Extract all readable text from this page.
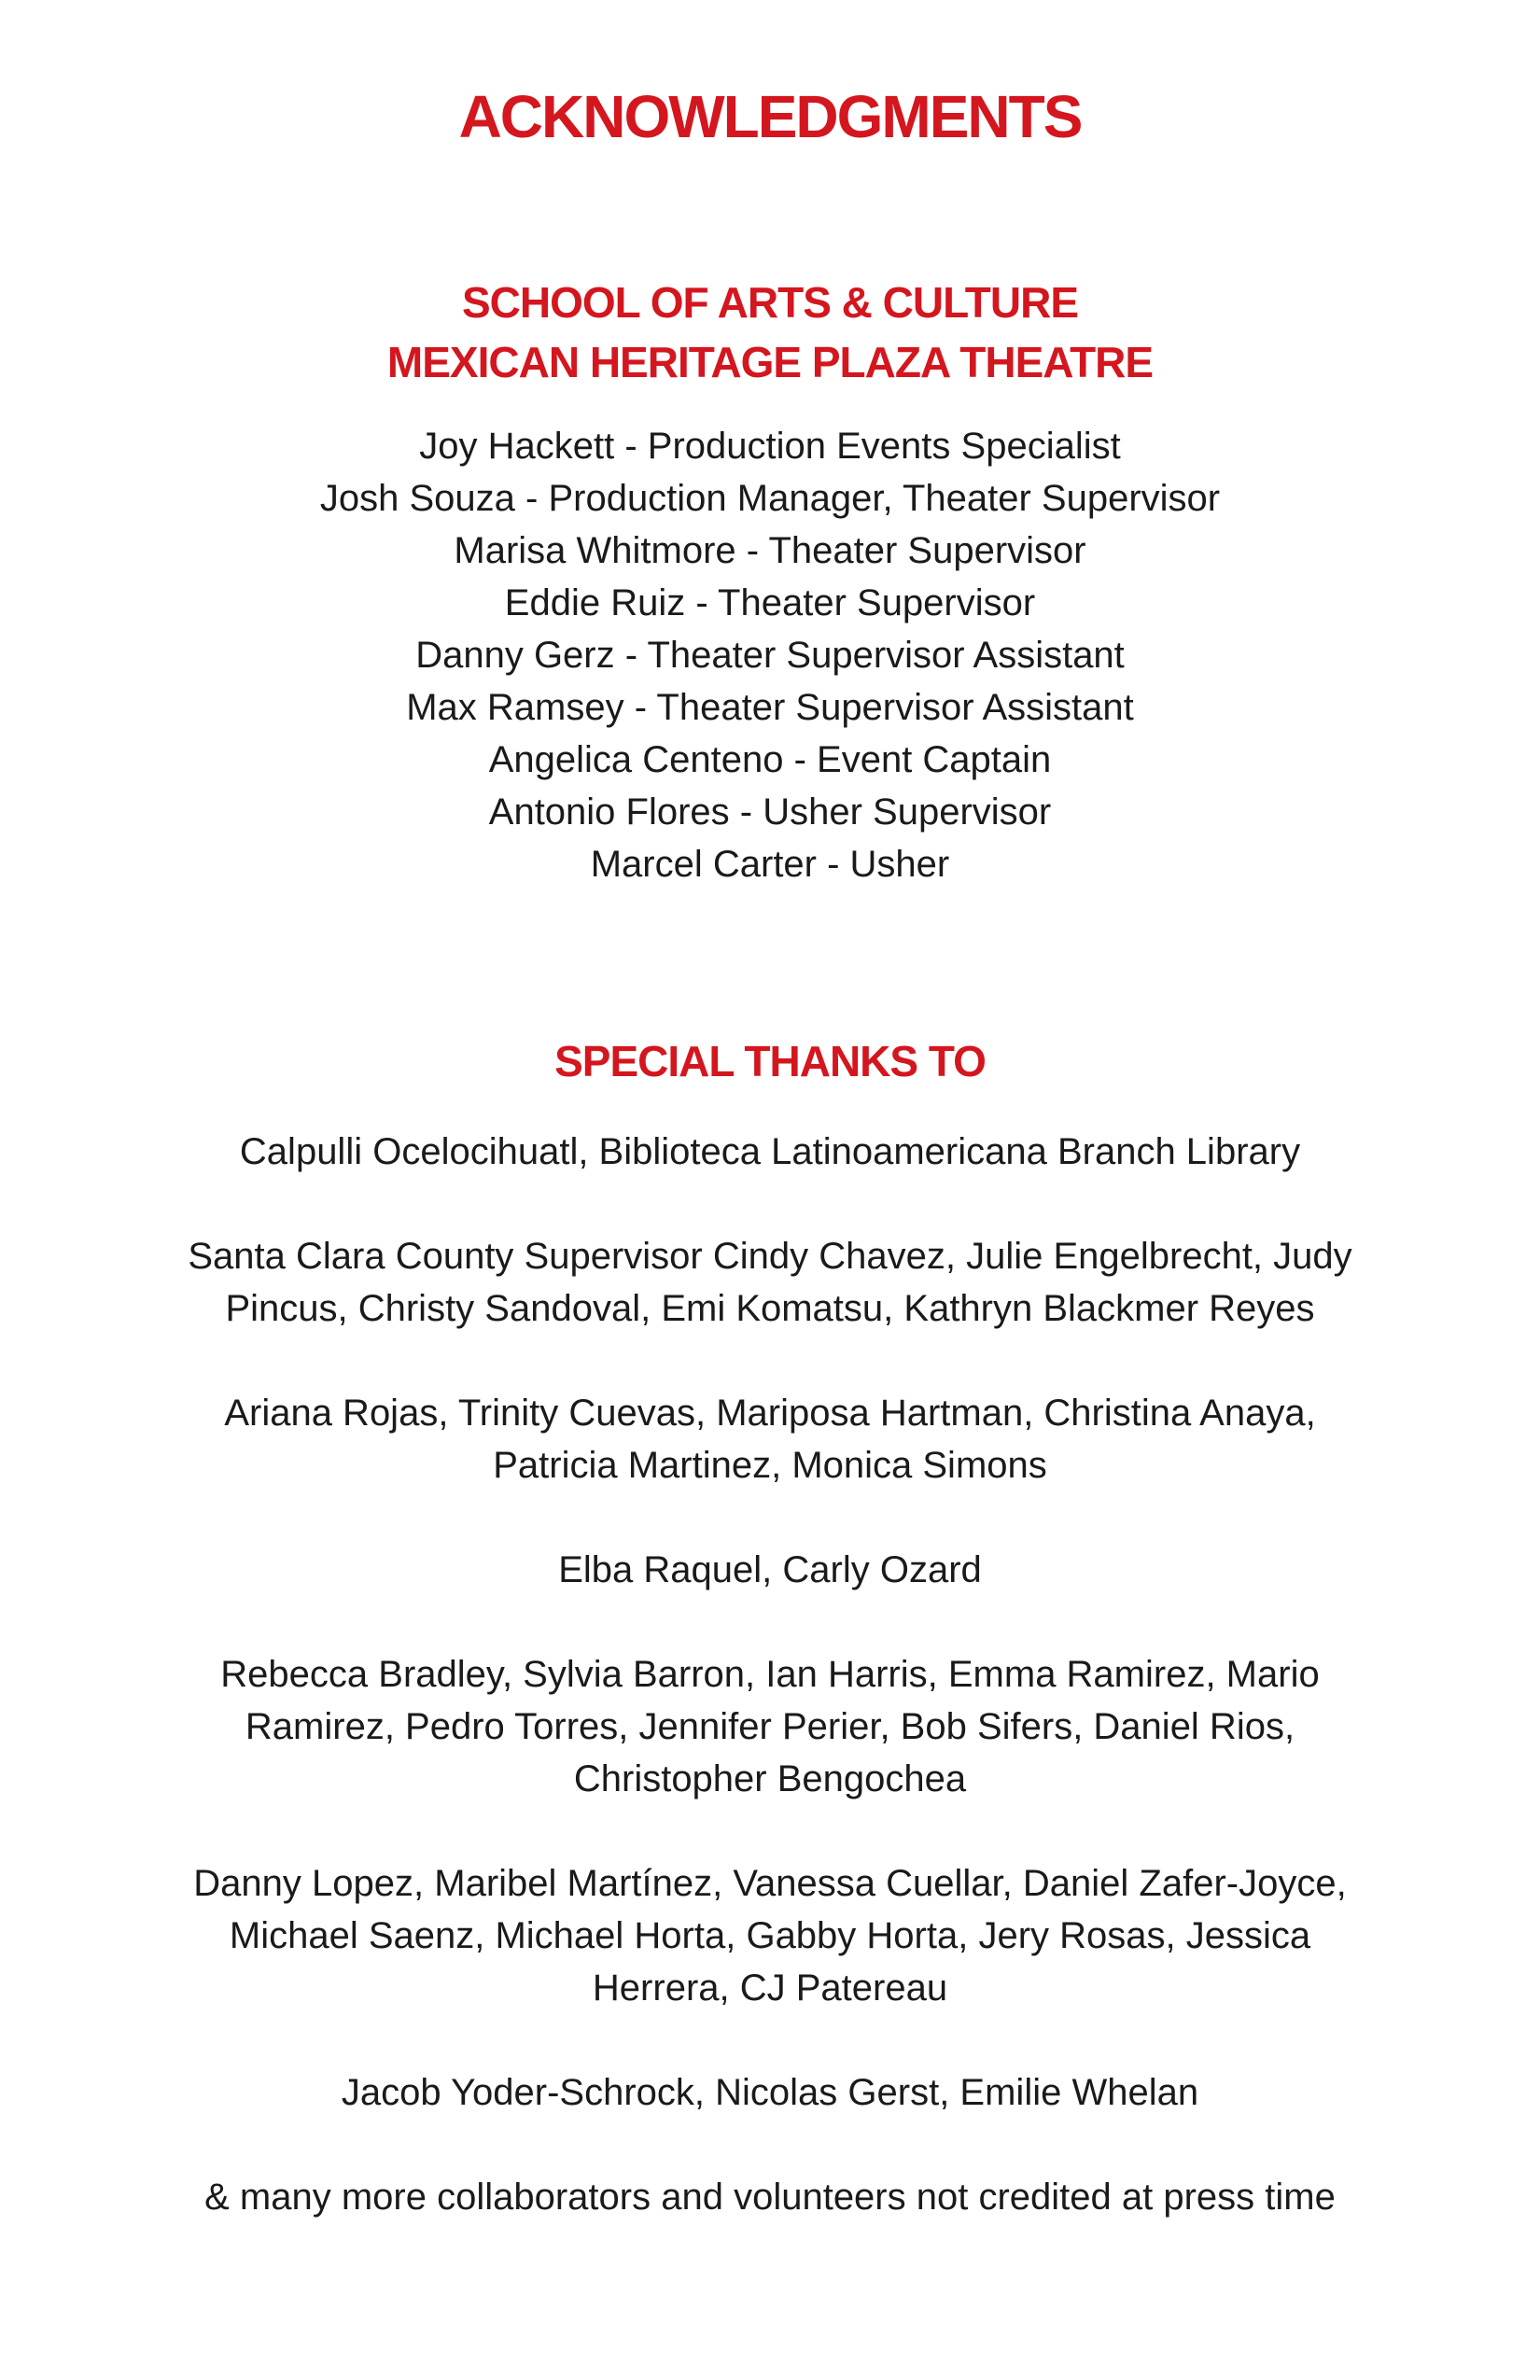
ACKNOWLEDGMENTS
SCHOOL OF ARTS & CULTURE
MEXICAN HERITAGE PLAZA THEATRE
Joy Hackett - Production Events Specialist
Josh Souza - Production Manager, Theater Supervisor
Marisa Whitmore - Theater Supervisor
Eddie Ruiz - Theater Supervisor
Danny Gerz - Theater Supervisor Assistant
Max Ramsey - Theater Supervisor Assistant
Angelica Centeno - Event Captain
Antonio Flores - Usher Supervisor
Marcel Carter - Usher
SPECIAL THANKS TO

Calpulli Ocelocihuatl, Biblioteca Latinoamericana Branch Library

Santa Clara County Supervisor Cindy Chavez, Julie Engelbrecht, Judy Pincus, Christy Sandoval, Emi Komatsu, Kathryn Blackmer Reyes

Ariana Rojas, Trinity Cuevas, Mariposa Hartman, Christina Anaya, Patricia Martinez, Monica Simons

Elba Raquel, Carly Ozard

Rebecca Bradley, Sylvia Barron, Ian Harris, Emma Ramirez, Mario Ramirez, Pedro Torres, Jennifer Perier, Bob Sifers, Daniel Rios, Christopher Bengochea

Danny Lopez, Maribel Martínez, Vanessa Cuellar, Daniel Zafer-Joyce, Michael Saenz, Michael Horta, Gabby Horta, Jery Rosas, Jessica Herrera, CJ Patereau

Jacob Yoder-Schrock, Nicolas Gerst, Emilie Whelan

& many more collaborators and volunteers not credited at press time
